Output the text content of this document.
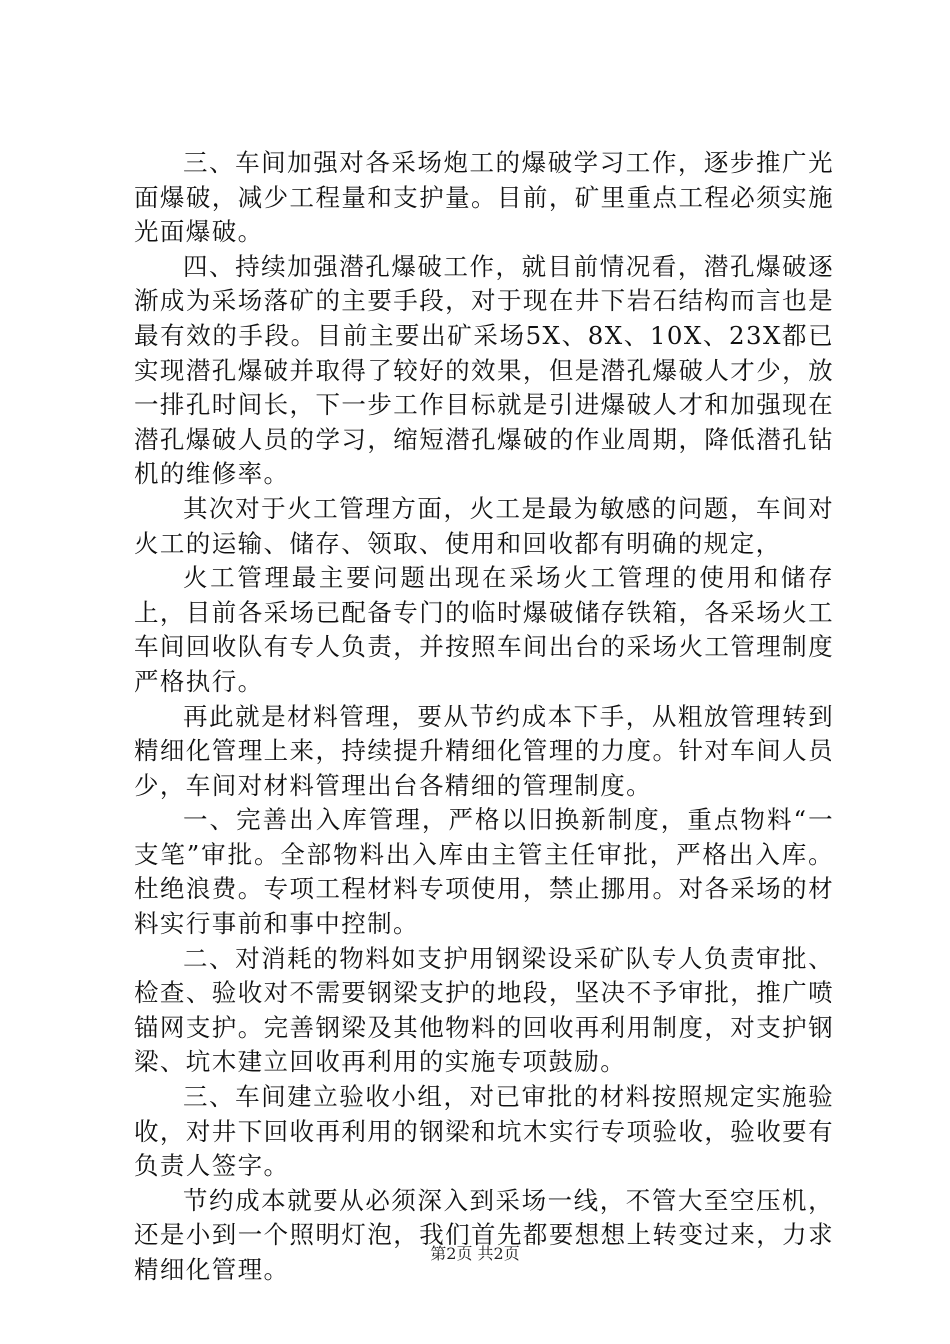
三、车间加强对各采场炮工的爆破学习工作，逐步推广光面爆破，减少工程量和支护量。目前，矿里重点工程必须实施光面爆破。

四、持续加强潜孔爆破工作，就目前情况看，潜孔爆破逐渐成为采场落矿的主要手段，对于现在井下岩石结构而言也是最有效的手段。目前主要出矿采场5X、8X、10X、23X都已实现潜孔爆破并取得了较好的效果，但是潜孔爆破人才少，放一排孔时间长，下一步工作目标就是引进爆破人才和加强现在潜孔爆破人员的学习，缩短潜孔爆破的作业周期，降低潜孔钻机的维修率。

其次对于火工管理方面，火工是最为敏感的问题，车间对火工的运输、储存、领取、使用和回收都有明确的规定，

火工管理最主要问题出现在采场火工管理的使用和储存上，目前各采场已配备专门的临时爆破储存铁箱，各采场火工车间回收队有专人负责，并按照车间出台的采场火工管理制度严格执行。

再此就是材料管理，要从节约成本下手，从粗放管理转到精细化管理上来，持续提升精细化管理的力度。针对车间人员少，车间对材料管理出台各精细的管理制度。

一、完善出入库管理，严格以旧换新制度，重点物料“一支笔”审批。全部物料出入库由主管主任审批，严格出入库。杜绝浪费。专项工程材料专项使用，禁止挪用。对各采场的材料实行事前和事中控制。

二、对消耗的物料如支护用钢梁设采矿队专人负责审批、检查、验收对不需要钢梁支护的地段，坚决不予审批，推广喷锚网支护。完善钢梁及其他物料的回收再利用制度，对支护钢梁、坑木建立回收再利用的实施专项鼓励。

三、车间建立验收小组，对已审批的材料按照规定实施验收，对井下回收再利用的钢梁和坑木实行专项验收，验收要有负责人签字。

节约成本就要从必须深入到采场一线，不管大至空压机，还是小到一个照明灯泡，我们首先都要想想上转变过来，力求精细化管理。

第2页 共2页
